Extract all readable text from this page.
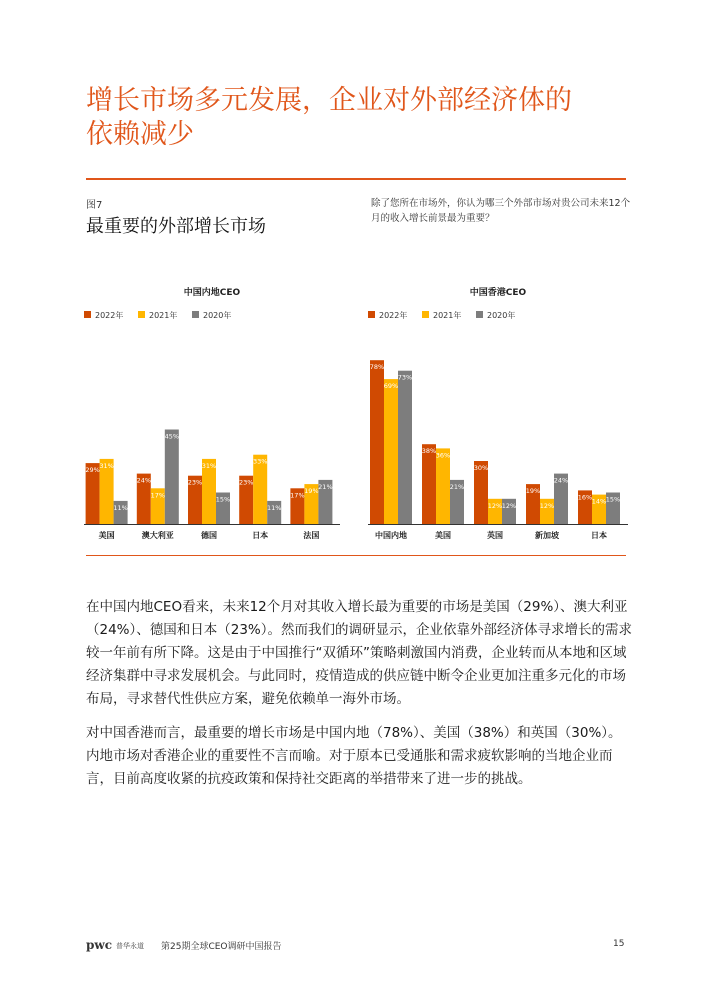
增长市场多元发展，企业对外部经济体的
依赖减少
图7
最重要的外部增长市场
除了您所在市场外，你认为哪三个外部市场对贵公司未来12个月的收入增长前景最为重要？
中国内地CEO
2022年	2021年	2020年
29%
31%
11%
美国
24%
17%
45%
澳大利亚
23%
31%
15%
德国
23%
33%
11%
日本
17%
19%
21%
法国
中国香港CEO
2022年	2021年	2020年
78%
69%
73%
中国内地
38%
36%
21%
美国
30%
12% 12%
英国
19%
12%
24%
新加坡
16%
14% 15%
日本
在中国内地CEO看来，未来12个月对其收入增长最为重要的市场是美国（29%）、澳大利亚（24%）、德国和日本（23%）。然而我们的调研显示，企业依靠外部经济体寻求增长的需求较一年前有所下降。这是由于中国推行“双循环”策略刺激国内消费，企业转而从本地和区域经济集群中寻求发展机会。与此同时，疫情造成的供应链中断令企业更加注重多元化的市场布局，寻求替代性供应方案，避免依赖单一海外市场。
对中国香港而言，最重要的增长市场是中国内地（78%）、美国（38%）和英国（30%）。内地市场对香港企业的重要性不言而喻。对于原本已受通胀和需求疲软影响的当地企业而言，目前高度收紧的抗疫政策和保持社交距离的举措带来了进一步的挑战。
pwc 普华永道 第25期全球CEO调研中国报告	15
